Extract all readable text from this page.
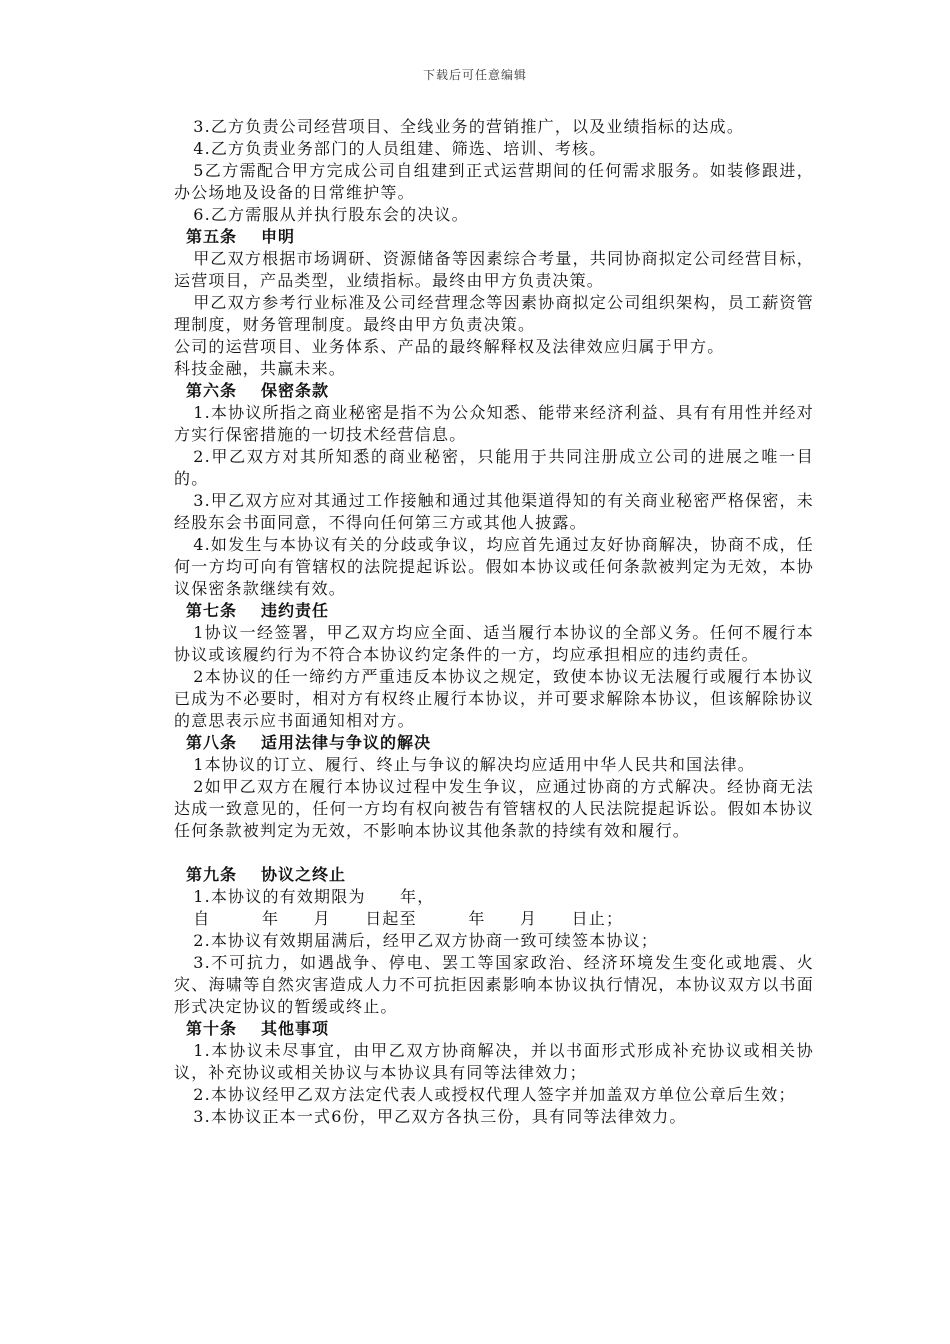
下载后可任意编辑

3.乙方负责公司经营项目、全线业务的营销推广，以及业绩指标的达成。

4.乙方负责业务部门的人员组建、筛选、培训、考核。

5乙方需配合甲方完成公司自组建到正式运营期间的任何需求服务。如装修跟进，办公场地及设备的日常维护等。

6.乙方需服从并执行股东会的决议。

第五条 申明

甲乙双方根据市场调研、资源储备等因素综合考量，共同协商拟定公司经营目标，运营项目，产品类型，业绩指标。最终由甲方负责决策。

甲乙双方参考行业标准及公司经营理念等因素协商拟定公司组织架构，员工薪资管理制度，财务管理制度。最终由甲方负责决策。

公司的运营项目、业务体系、产品的最终解释权及法律效应归属于甲方。

科技金融，共赢未来。

第六条 保密条款

1.本协议所指之商业秘密是指不为公众知悉、能带来经济利益、具有有用性并经对方实行保密措施的一切技术经营信息。

2.甲乙双方对其所知悉的商业秘密，只能用于共同注册成立公司的进展之唯一目的。

3.甲乙双方应对其通过工作接触和通过其他渠道得知的有关商业秘密严格保密，未经股东会书面同意，不得向任何第三方或其他人披露。

4.如发生与本协议有关的分歧或争议，均应首先通过友好协商解决，协商不成，任何一方均可向有管辖权的法院提起诉讼。假如本协议或任何条款被判定为无效，本协议保密条款继续有效。

第七条 违约责任

1协议一经签署，甲乙双方均应全面、适当履行本协议的全部义务。任何不履行本协议或该履约行为不符合本协议约定条件的一方，均应承担相应的违约责任。

2本协议的任一缔约方严重违反本协议之规定，致使本协议无法履行或履行本协议已成为不必要时，相对方有权终止履行本协议，并可要求解除本协议，但该解除协议的意思表示应书面通知相对方。

第八条 适用法律与争议的解决

1本协议的订立、履行、终止与争议的解决均应适用中华人民共和国法律。

2如甲乙双方在履行本协议过程中发生争议，应通过协商的方式解决。经协商无法达成一致意见的，任何一方均有权向被告有管辖权的人民法院提起诉讼。假如本协议任何条款被判定为无效，不影响本协议其他条款的持续有效和履行。

第九条 协议之终止

1.本协议的有效期限为　　年，

自　　　年　　月　　日起至　　　年　　月　　日止；

2.本协议有效期届满后，经甲乙双方协商一致可续签本协议；

3.不可抗力，如遇战争、停电、罢工等国家政治、经济环境发生变化或地震、火灾、海啸等自然灾害造成人力不可抗拒因素影响本协议执行情况，本协议双方以书面形式决定协议的暂缓或终止。

第十条 其他事项

1.本协议未尽事宜，由甲乙双方协商解决，并以书面形式形成补充协议或相关协议，补充协议或相关协议与本协议具有同等法律效力；

2.本协议经甲乙双方法定代表人或授权代理人签字并加盖双方单位公章后生效；

3.本协议正本一式6份，甲乙双方各执三份，具有同等法律效力。
